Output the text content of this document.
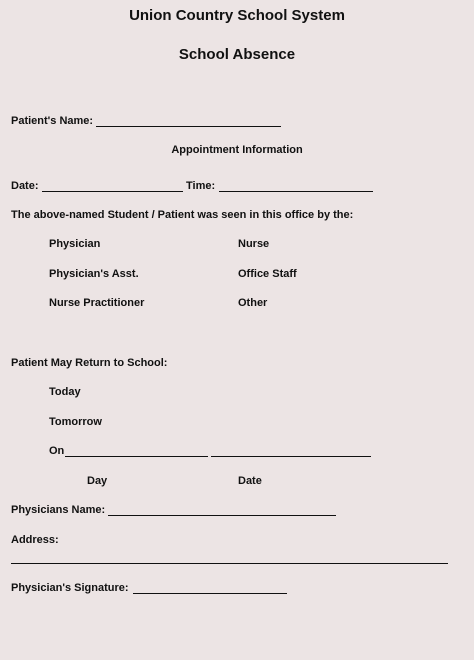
Union Country School System
School Absence
Patient's Name:
Appointment Information
Date:	Time:
The above-named Student / Patient was seen in this office by the:
Physician	Nurse
Physician's Asst.	Office Staff
Nurse Practitioner	Other
Patient May Return to School:
Today
Tomorrow
On
Day	Date
Physicians Name:
Address:
Physician's Signature:
